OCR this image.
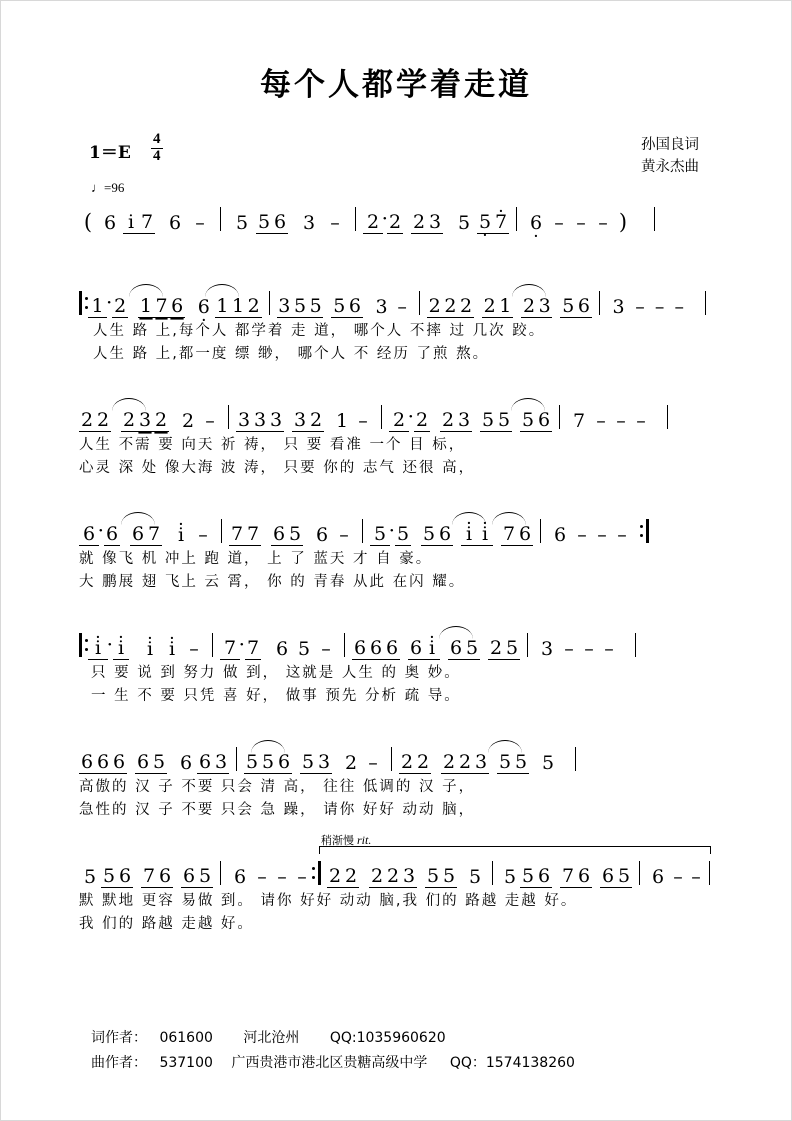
每个人都学着走道
$1=E \frac{4}{4}$	孙国良词
黄永杰曲
♩=96
( 6 i 7 6 –	5 5 6 3 –	2 · 2 2 3 5 5 · · 7	6 · – – – )
1 · 2 1 7 6 6 · 1 1 2 3 5 5 5 6 3 – 2 2 2 2 1 2 3 5 6 3 – – –
人生 路 上,每个人 都学着 走 道， 哪个人 不摔 过 几次 跤。
人生 路 上,都一度 缥 缈， 哪个人 不 经历 了煎 熬。
2 2 2 3 2 2 –	3 3 3 3 2 1 –	2 · 2 2 3 5 5 5 6	7 – – –
人生 不需 要 向天 祈 祷， 只 要 看准 一个 目 标，
心灵 深 处 像大海 波 涛， 只要 你的 志气 还很 高，
6 · 6 6 7 · i –	7 7 6 5 6 –	5 · 5 5 6 · i · i 7 6	6 – – –
就 像飞 机 冲上 跑 道， 上 了 蓝天 才 自 豪。
大 鹏展 翅 飞上 云 霄， 你 的 青春 从此 在闪 耀。
· i · · i	· i · i –	7 · 7 6 5 –	6 6 6 6 · i 6 5 2 5	3 – – –
只 要 说 到 努力 做 到， 这就是 人生 的 奥 妙。
一 生 不 要 只凭 喜 好， 做事 预先 分析 疏 导。
6 6 6 6 5 6 6 3 5 5 6 5 3 2 –	2 2 2 2 3 5 5 5
高傲的 汉 子 不要 只会 清 高， 往往 低调的 汉 子，
急性的 汉 子 不要 只会 急 躁， 请你 好好 动动 脑，
稍渐慢 rit.
5 5 6 7 6 6 5	6 – – – 2 2 2 2 3 5 5 5 5 5 6 7 6 6 5 6 – –
默 默地 更容 易做 到。 请你 好好 动动 脑,我 们的 路越 走越 好。
我 们的 路越 走越 好。
词作者： 061600 河北沧州 QQ:1035960620
曲作者： 537100 广西贵港市港北区贵糖高级中学 QQ：1574138260
